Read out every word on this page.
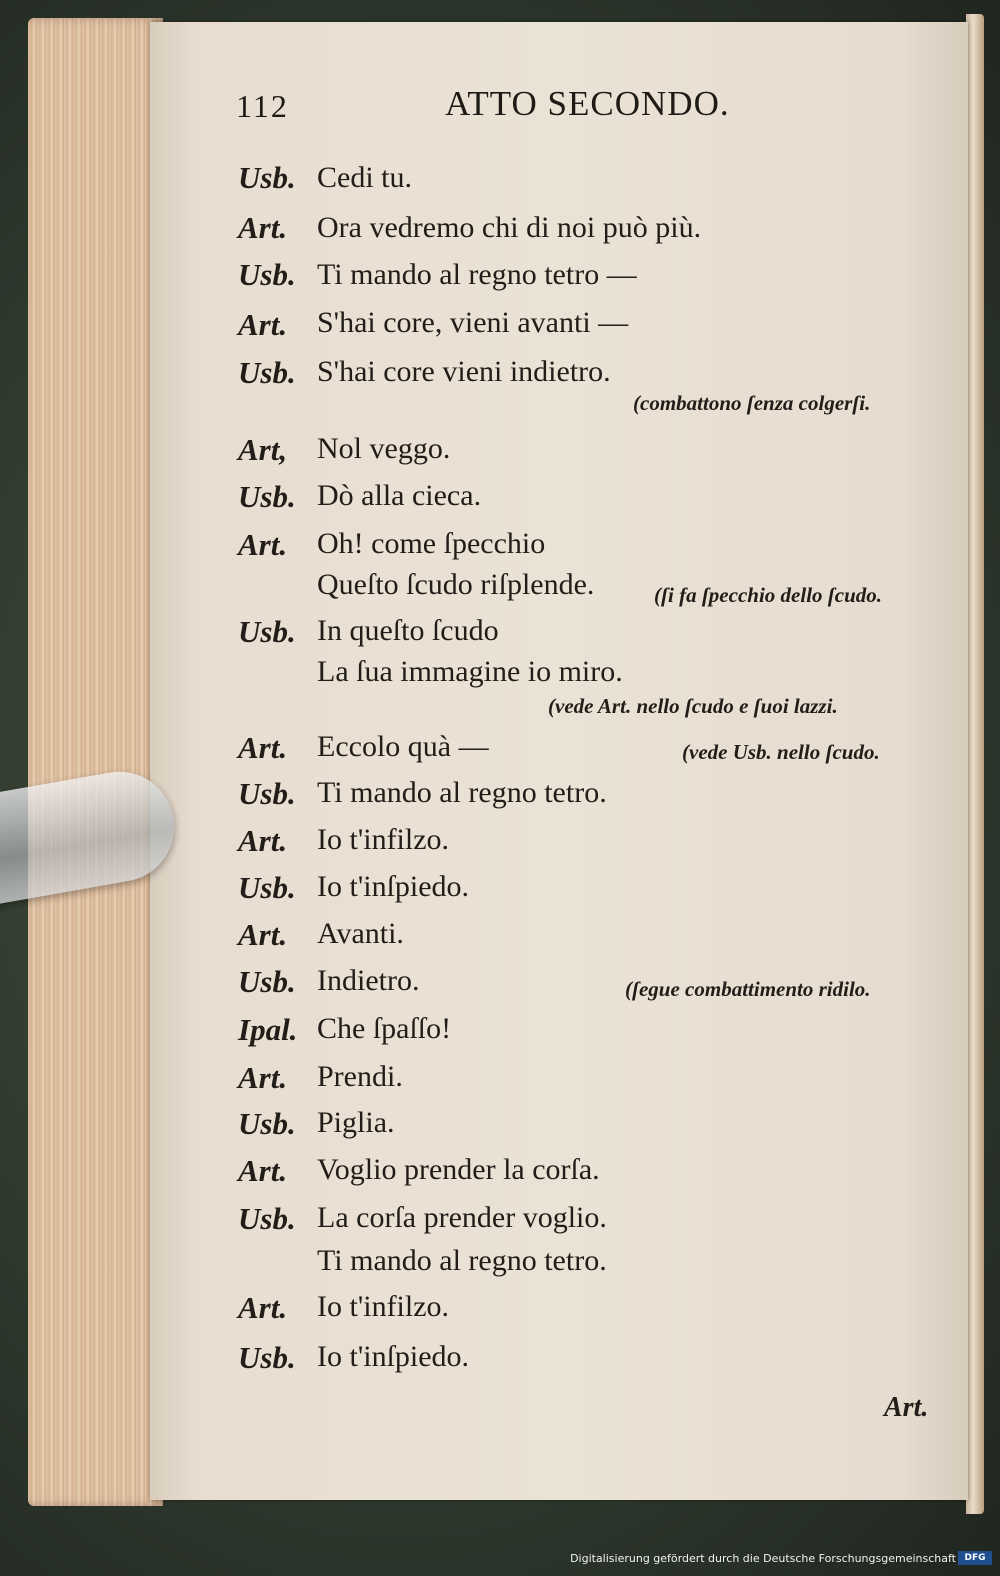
112	ATTO SECONDO.
Usb. Cedi tu.
Art. Ora vedremo chi di noi può più.
Usb. Ti mando al regno tetro —
Art. S'hai core, vieni avanti —
Usb. S'hai core vieni indietro.
(combattono ſenza colgerſi.
Art, Nol veggo.
Usb. Dò alla cieca.
Art. Oh! come ſpecchio
Queſto ſcudo riſplende.	(ſi fa ſpecchio dello ſcudo.
Usb. In queſto ſcudo
La ſua immagine io miro.
(vede Art. nello ſcudo e ſuoi lazzi.
Art. Eccolo quà —	(vede Usb. nello ſcudo.
Usb. Ti mando al regno tetro.
Art. Io t'infilzo.
Usb. Io t'inſpiedo.
Art. Avanti.
Usb. Indietro.	(ſegue combattimento ridilo.
Ipal. Che ſpaſſo!
Art. Prendi.
Usb. Piglia.
Art. Voglio prender la corſa.
Usb. La corſa prender voglio.
Ti mando al regno tetro.
Art. Io t'infilzo.
Usb. Io t'inſpiedo.
Art.
Digitalisierung gefördert durch die Deutsche Forschungsgemeinschaft DFG
